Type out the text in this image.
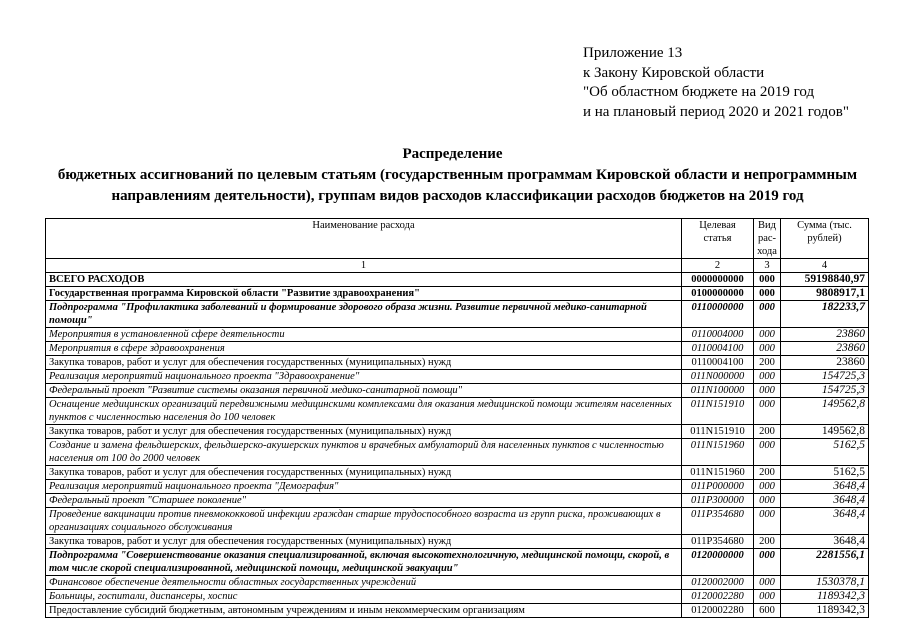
Приложение 13
к Закону Кировской области
"Об областном бюджете на 2019 год
и на плановый период 2020 и 2021 годов"
Распределение
бюджетных ассигнований по целевым статьям (государственным программам Кировской области и непрограммным направлениям деятельности), группам видов расходов классификации расходов бюджетов на 2019 год
Наименование расхода	Целевая статья	Вид рас-хода	Сумма (тыс. рублей)
1	2	3	4
ВСЕГО РАСХОДОВ	0000000000	000	59198840,97
Государственная программа Кировской области "Развитие здравоохранения"	0100000000	000	9808917,1
Подпрограмма "Профилактика заболеваний и формирование здорового образа жизни. Развитие первичной медико-санитарной помощи"	0110000000	000	182233,7
Мероприятия в установленной сфере деятельности	0110004000	000	23860
Мероприятия в сфере здравоохранения	0110004100	000	23860
Закупка товаров, работ и услуг для обеспечения государственных (муниципальных) нужд	0110004100	200	23860
Реализация мероприятий национального проекта "Здравоохранение"	011N000000	000	154725,3
Федеральный проект "Развитие системы оказания первичной медико-санитарной помощи"	011N100000	000	154725,3
Оснащение медицинских организаций передвижными медицинскими комплексами для оказания медицинской помощи жителям населенных пунктов с численностью населения до 100 человек	011N151910	000	149562,8
Закупка товаров, работ и услуг для обеспечения государственных (муниципальных) нужд	011N151910	200	149562,8
Создание и замена фельдшерских, фельдшерско-акушерских пунктов и врачебных амбулаторий для населенных пунктов с численностью населения от 100 до 2000 человек	011N151960	000	5162,5
Закупка товаров, работ и услуг для обеспечения государственных (муниципальных) нужд	011N151960	200	5162,5
Реализация мероприятий национального проекта "Демография"	011P000000	000	3648,4
Федеральный проект "Старшее поколение"	011P300000	000	3648,4
Проведение вакцинации против пневмококковой инфекции граждан старше трудоспособного возраста из групп риска, проживающих в организациях социального обслуживания	011P354680	000	3648,4
Закупка товаров, работ и услуг для обеспечения государственных (муниципальных) нужд	011P354680	200	3648,4
Подпрограмма "Совершенствование оказания специализированной, включая высокотехнологичную, медицинской помощи, скорой, в том числе скорой специализированной, медицинской помощи, медицинской эвакуации"	0120000000	000	2281556,1
Финансовое обеспечение деятельности областных государственных учреждений	0120002000	000	1530378,1
Больницы, госпитали, диспансеры, хоспис	0120002280	000	1189342,3
Предоставление субсидий бюджетным, автономным учреждениям и иным некоммерческим организациям	0120002280	600	1189342,3
